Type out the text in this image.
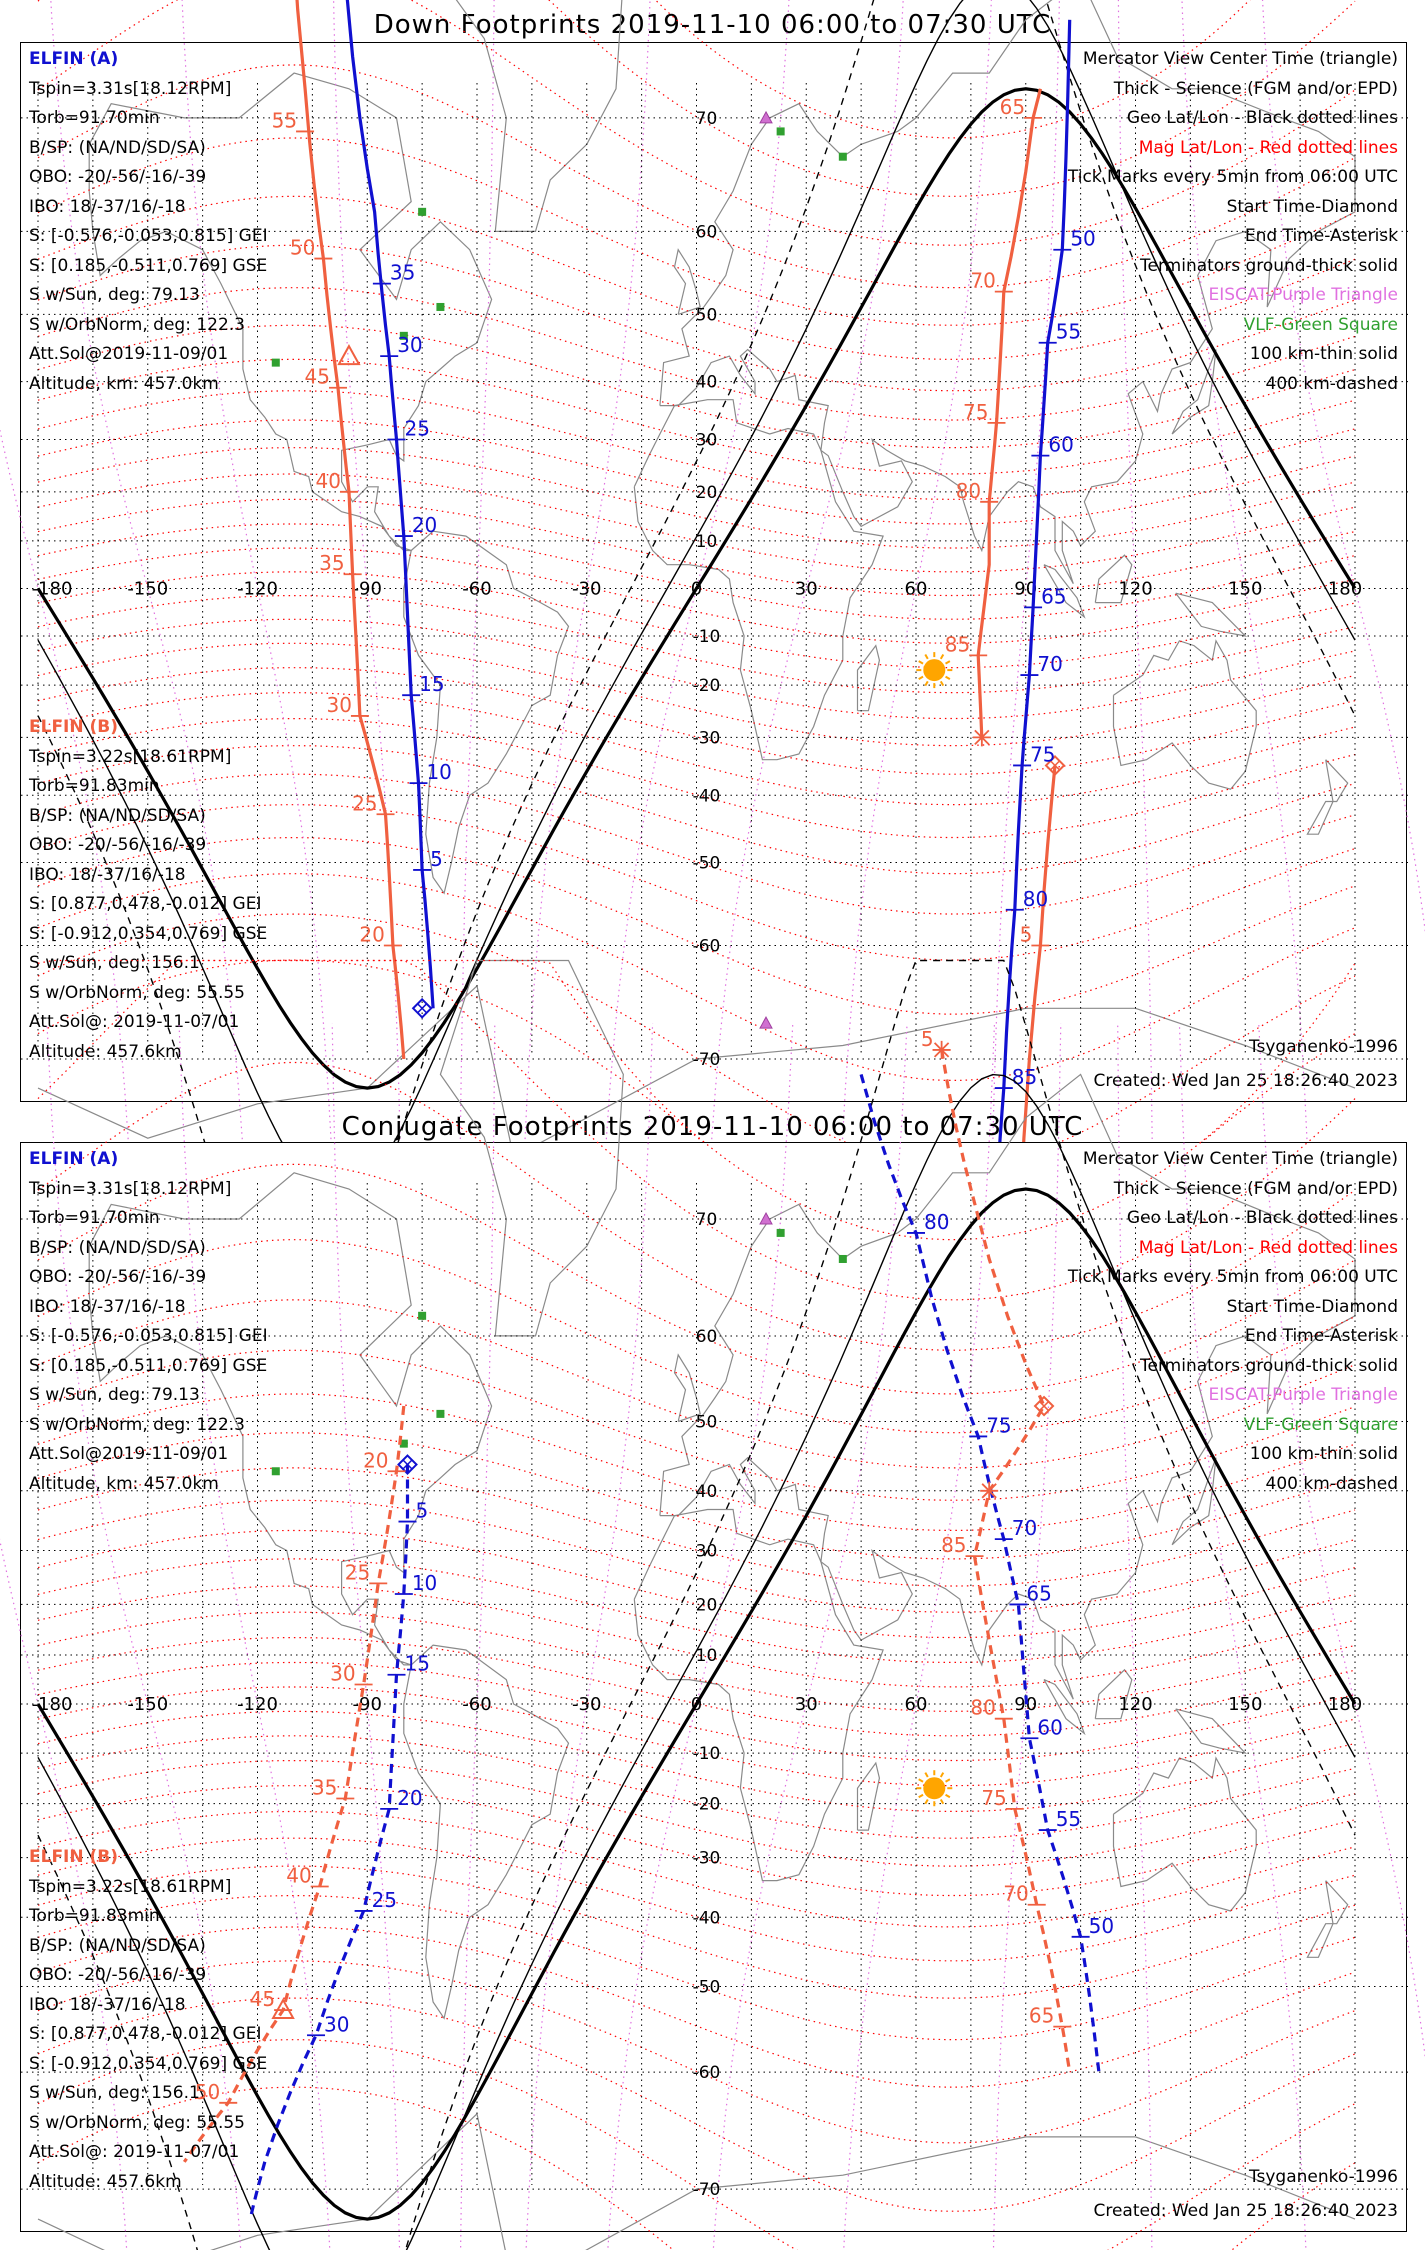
Down Footprints 2019-11-10 06:00 to 07:30 UTC
-180	-150	-120	-90	-60	-30	0	30	60	90	120	150	180
70
60
50
40
30
20
10
-10
-20
-30
-40
-50
-60
-70
35
30
25
20
15
10
5
50
55
60
65
70
75
80
85
55
50
45
40
35
30
25
20
65
70
75
80
85
5
ELFIN (A)
Tspin=3.31s[18.12RPM]
Torb=91.70min
B/SP: (NA/ND/SD/SA)
OBO: -20/-56/-16/-39
IBO: 18/-37/16/-18
S: [-0.576,-0.053,0.815] GEI
S: [0.185,-0.511,0.769] GSE
S w/Sun, deg: 79.13
S w/OrbNorm, deg: 122.3
Att.Sol@2019-11-09/01
Altitude, km: 457.0km
ELFIN (B)
Tspin=3.22s[18.61RPM]
Torb=91.83min
B/SP: (NA/ND/SD/SA)
OBO: -20/-56/-16/-39
IBO: 18/-37/16/-18
S: [0.877,0.478,-0.012] GEI
S: [-0.912,0.354,0.769] GSE
S w/Sun, deg: 156.1
S w/OrbNorm, deg: 55.55
Att.Sol@: 2019-11-07/01
Altitude: 457.6km
Mercator View Center Time (triangle)
Thick - Science (FGM and/or EPD)
Geo Lat/Lon - Black dotted lines
Mag Lat/Lon - Red dotted lines
Tick Marks every 5min from 06:00 UTC
Start Time-Diamond
End Time-Asterisk
Terminators ground-thick solid
EISCAT-Purple Triangle
VLF-Green Square
100 km-thin solid
400 km-dashed
Tsyganenko-1996
Created: Wed Jan 25 18:26:40 2023
Conjugate Footprints 2019-11-10 06:00 to 07:30 UTC
-180	-150	-120	-90	-60	-30	0	30	60	90	120	150	180
70
60
50
40
30
20
10
-10
-20
-30
-40
-50
-60
-70
5
10
15
20
25
30
80
75
70
65
60
55
50
20
25
30
35
40
45
50
85
80
75
70
65
5
ELFIN (A)
Tspin=3.31s[18.12RPM]
Torb=91.70min
B/SP: (NA/ND/SD/SA)
OBO: -20/-56/-16/-39
IBO: 18/-37/16/-18
S: [-0.576,-0.053,0.815] GEI
S: [0.185,-0.511,0.769] GSE
S w/Sun, deg: 79.13
S w/OrbNorm, deg: 122.3
Att.Sol@2019-11-09/01
Altitude, km: 457.0km
ELFIN (B)
Tspin=3.22s[18.61RPM]
Torb=91.83min
B/SP: (NA/ND/SD/SA)
OBO: -20/-56/-16/-39
IBO: 18/-37/16/-18
S: [0.877,0.478,-0.012] GEI
S: [-0.912,0.354,0.769] GSE
S w/Sun, deg: 156.1
S w/OrbNorm, deg: 55.55
Att.Sol@: 2019-11-07/01
Altitude: 457.6km
Mercator View Center Time (triangle)
Thick - Science (FGM and/or EPD)
Geo Lat/Lon - Black dotted lines
Mag Lat/Lon - Red dotted lines
Tick Marks every 5min from 06:00 UTC
Start Time-Diamond
End Time-Asterisk
Terminators ground-thick solid
EISCAT-Purple Triangle
VLF-Green Square
100 km-thin solid
400 km-dashed
Tsyganenko-1996
Created: Wed Jan 25 18:26:40 2023
